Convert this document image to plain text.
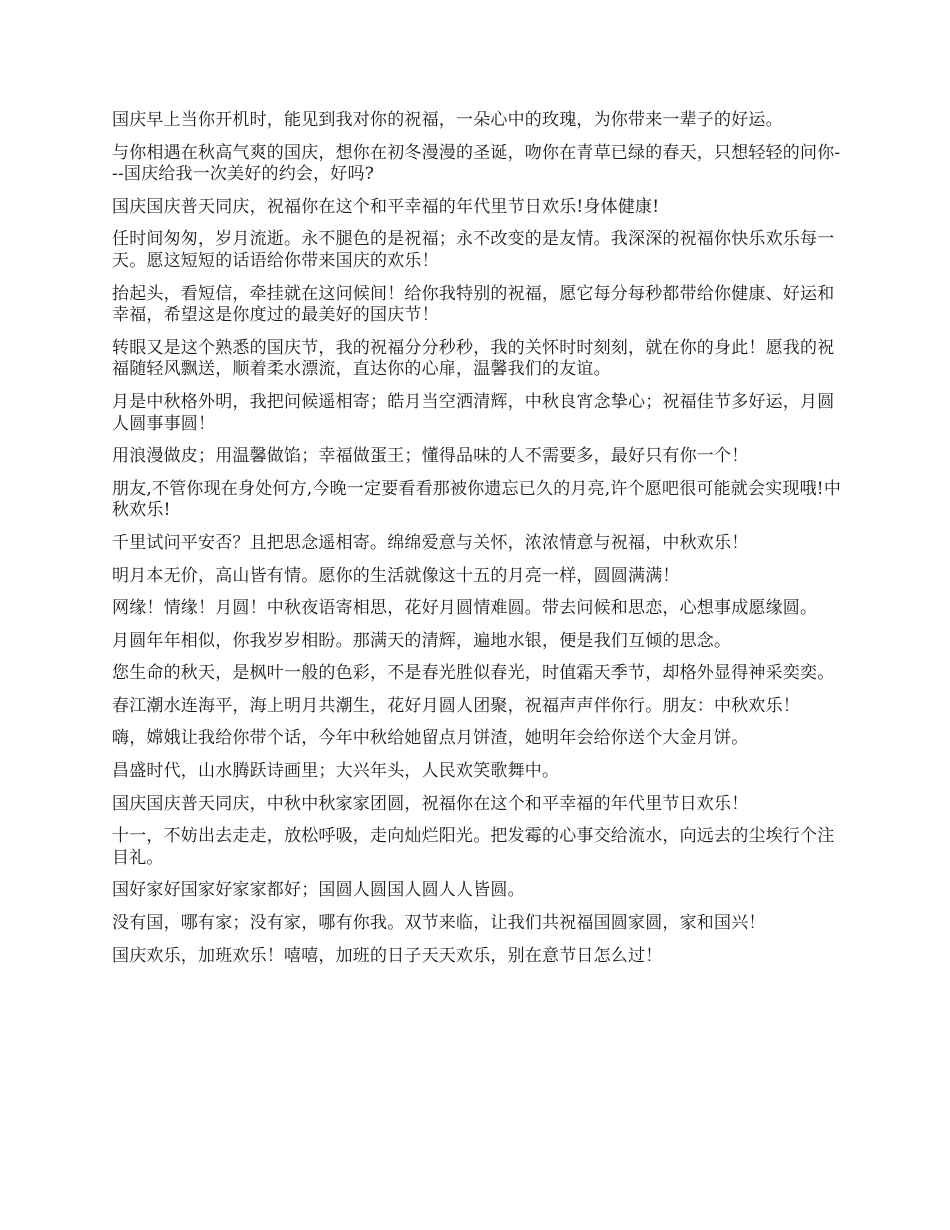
国庆早上当你开机时，能见到我对你的祝福，一朵心中的玫瑰，为你带来一辈子的好运。

与你相遇在秋高气爽的国庆，想你在初冬漫漫的圣诞，吻你在青草已绿的春天，只想轻轻的问你---国庆给我一次美好的约会，好吗?

国庆国庆普天同庆，祝福你在这个和平幸福的年代里节日欢乐!身体健康!

任时间匆匆，岁月流逝。永不腿色的是祝福；永不改变的是友情。我深深的祝福你快乐欢乐每一天。愿这短短的话语给你带来国庆的欢乐！

抬起头，看短信，牵挂就在这问候间！给你我特别的祝福，愿它每分每秒都带给你健康、好运和幸福，希望这是你度过的最美好的国庆节！

转眼又是这个熟悉的国庆节，我的祝福分分秒秒，我的关怀时时刻刻，就在你的身此！愿我的祝福随轻风飘送，顺着柔水漂流，直达你的心扉，温馨我们的友谊。

月是中秋格外明，我把问候遥相寄；皓月当空洒清辉，中秋良宵念挚心；祝福佳节多好运，月圆人圆事事圆！

用浪漫做皮；用温馨做馅；幸福做蛋王；懂得品味的人不需要多，最好只有你一个！

朋友,不管你现在身处何方,今晚一定要看看那被你遗忘已久的月亮,许个愿吧很可能就会实现哦!中秋欢乐!

千里试问平安否？且把思念遥相寄。绵绵爱意与关怀，浓浓情意与祝福，中秋欢乐！

明月本无价，高山皆有情。愿你的生活就像这十五的月亮一样，圆圆满满！

网缘！情缘！月圆！中秋夜语寄相思，花好月圆情难圆。带去问候和思恋，心想事成愿缘圆。

月圆年年相似，你我岁岁相盼。那满天的清辉，遍地水银，便是我们互倾的思念。

您生命的秋天，是枫叶一般的色彩，不是春光胜似春光，时值霜天季节，却格外显得神采奕奕。

春江潮水连海平，海上明月共潮生，花好月圆人团聚，祝福声声伴你行。朋友：中秋欢乐！

嗨，嫦娥让我给你带个话，今年中秋给她留点月饼渣，她明年会给你送个大金月饼。

昌盛时代，山水腾跃诗画里；大兴年头，人民欢笑歌舞中。

国庆国庆普天同庆，中秋中秋家家团圆，祝福你在这个和平幸福的年代里节日欢乐！

十一，不妨出去走走，放松呼吸，走向灿烂阳光。把发霉的心事交给流水，向远去的尘埃行个注目礼。

国好家好国家好家家都好；国圆人圆国人圆人人皆圆。

没有国，哪有家；没有家，哪有你我。双节来临，让我们共祝福国圆家圆，家和国兴！

国庆欢乐，加班欢乐！嘻嘻，加班的日子天天欢乐，别在意节日怎么过！
